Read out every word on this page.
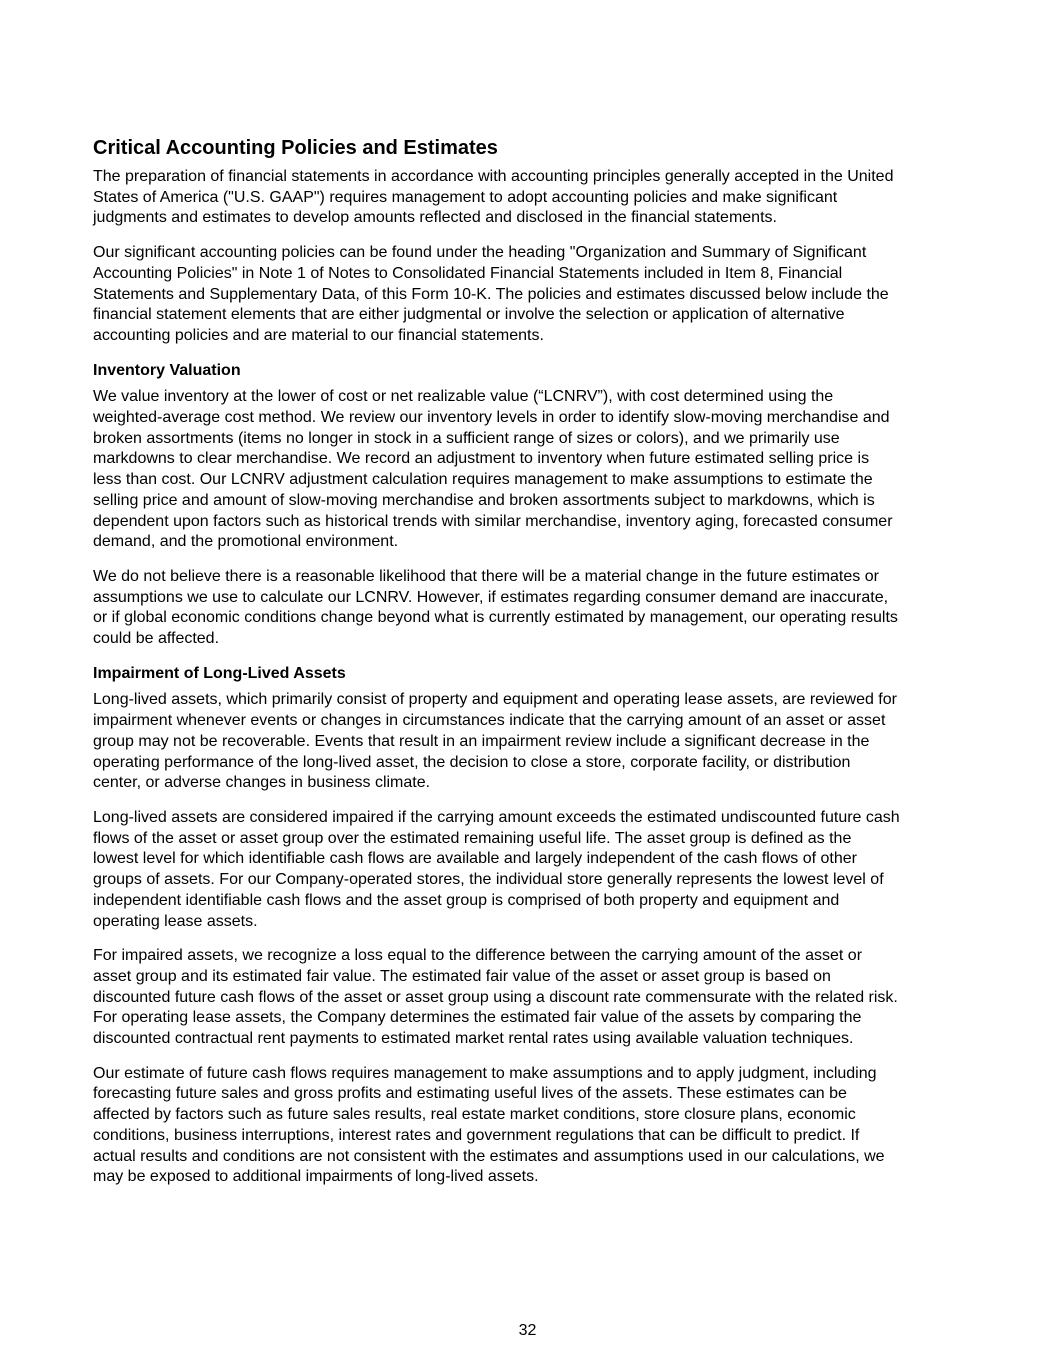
Critical Accounting Policies and Estimates

The preparation of financial statements in accordance with accounting principles generally accepted in the United
States of America ("U.S. GAAP") requires management to adopt accounting policies and make significant
judgments and estimates to develop amounts reflected and disclosed in the financial statements.

Our significant accounting policies can be found under the heading "Organization and Summary of Significant
Accounting Policies" in Note 1 of Notes to Consolidated Financial Statements included in Item 8, Financial
Statements and Supplementary Data, of this Form 10-K. The policies and estimates discussed below include the
financial statement elements that are either judgmental or involve the selection or application of alternative
accounting policies and are material to our financial statements.

Inventory Valuation

We value inventory at the lower of cost or net realizable value (“LCNRV”), with cost determined using the
weighted-average cost method. We review our inventory levels in order to identify slow-moving merchandise and
broken assortments (items no longer in stock in a sufficient range of sizes or colors), and we primarily use
markdowns to clear merchandise. We record an adjustment to inventory when future estimated selling price is
less than cost. Our LCNRV adjustment calculation requires management to make assumptions to estimate the
selling price and amount of slow-moving merchandise and broken assortments subject to markdowns, which is
dependent upon factors such as historical trends with similar merchandise, inventory aging, forecasted consumer
demand, and the promotional environment.

We do not believe there is a reasonable likelihood that there will be a material change in the future estimates or
assumptions we use to calculate our LCNRV. However, if estimates regarding consumer demand are inaccurate,
or if global economic conditions change beyond what is currently estimated by management, our operating results
could be affected.

Impairment of Long-Lived Assets

Long-lived assets, which primarily consist of property and equipment and operating lease assets, are reviewed for
impairment whenever events or changes in circumstances indicate that the carrying amount of an asset or asset
group may not be recoverable. Events that result in an impairment review include a significant decrease in the
operating performance of the long-lived asset, the decision to close a store, corporate facility, or distribution
center, or adverse changes in business climate.

Long-lived assets are considered impaired if the carrying amount exceeds the estimated undiscounted future cash
flows of the asset or asset group over the estimated remaining useful life. The asset group is defined as the
lowest level for which identifiable cash flows are available and largely independent of the cash flows of other
groups of assets. For our Company-operated stores, the individual store generally represents the lowest level of
independent identifiable cash flows and the asset group is comprised of both property and equipment and
operating lease assets.

For impaired assets, we recognize a loss equal to the difference between the carrying amount of the asset or
asset group and its estimated fair value. The estimated fair value of the asset or asset group is based on
discounted future cash flows of the asset or asset group using a discount rate commensurate with the related risk.
For operating lease assets, the Company determines the estimated fair value of the assets by comparing the
discounted contractual rent payments to estimated market rental rates using available valuation techniques.

Our estimate of future cash flows requires management to make assumptions and to apply judgment, including
forecasting future sales and gross profits and estimating useful lives of the assets. These estimates can be
affected by factors such as future sales results, real estate market conditions, store closure plans, economic
conditions, business interruptions, interest rates and government regulations that can be difficult to predict. If
actual results and conditions are not consistent with the estimates and assumptions used in our calculations, we
may be exposed to additional impairments of long-lived assets.

32
